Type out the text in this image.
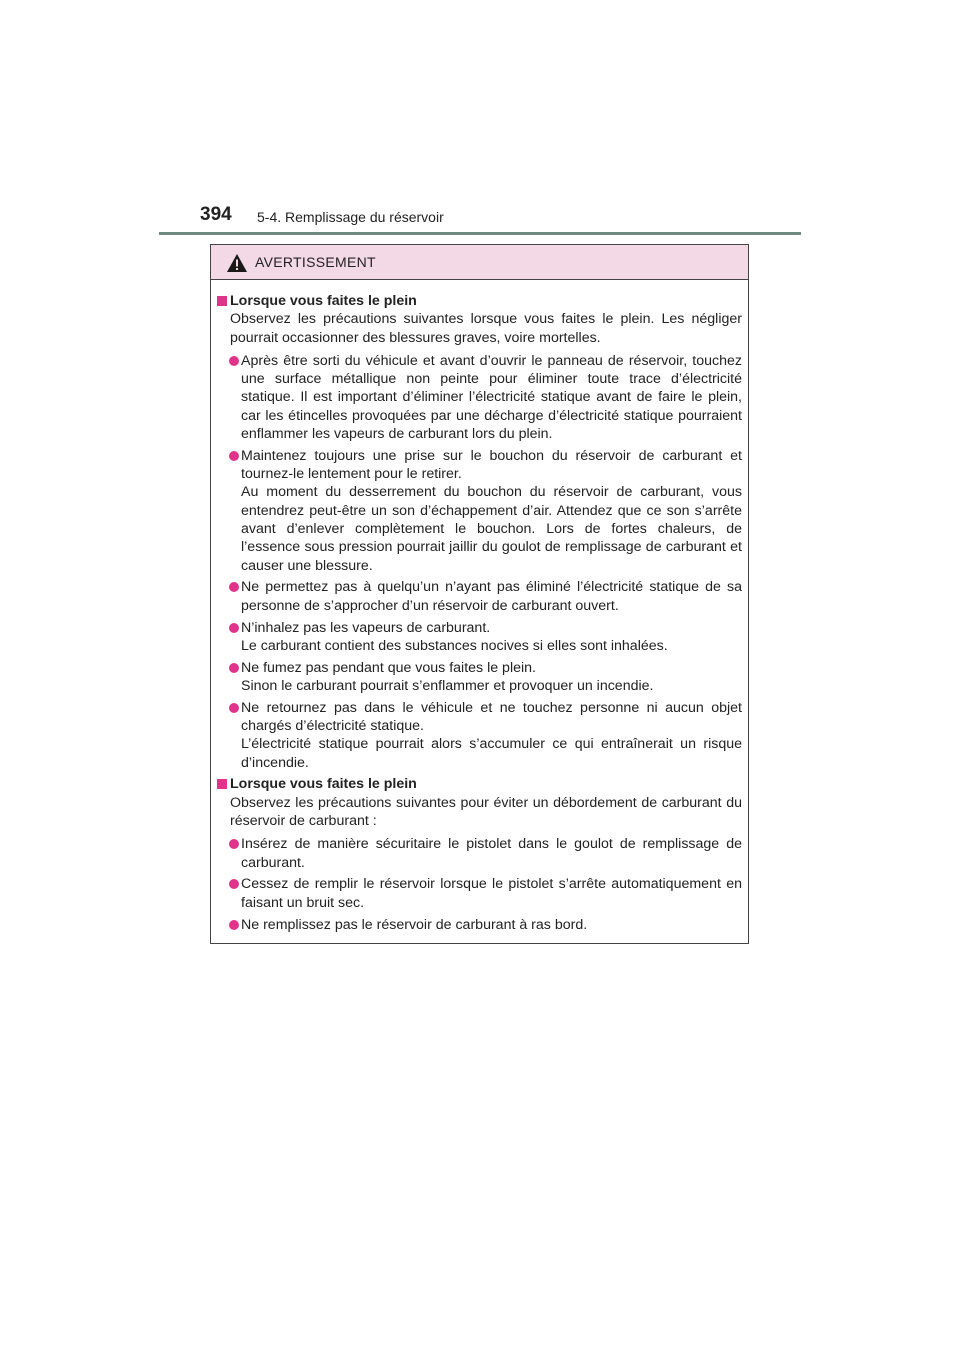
394 5-4. Remplissage du réservoir
AVERTISSEMENT
Lorsque vous faites le plein
Observez les précautions suivantes lorsque vous faites le plein. Les négliger pourrait occasionner des blessures graves, voire mortelles.

Après être sorti du véhicule et avant d’ouvrir le panneau de réservoir, touchez une surface métallique non peinte pour éliminer toute trace d’électricité statique. Il est important d’éliminer l’électricité statique avant de faire le plein, car les étincelles provoquées par une décharge d’électricité statique pourraient enflammer les vapeurs de carburant lors du plein.

Maintenez toujours une prise sur le bouchon du réservoir de carburant et tournez-le lentement pour le retirer.

Au moment du desserrement du bouchon du réservoir de carburant, vous entendrez peut-être un son d’échappement d’air. Attendez que ce son s’arrête avant d’enlever complètement le bouchon. Lors de fortes chaleurs, de l’essence sous pression pourrait jaillir du goulot de remplissage de carburant et causer une blessure.

Ne permettez pas à quelqu’un n’ayant pas éliminé l’électricité statique de sa personne de s’approcher d’un réservoir de carburant ouvert.

N’inhalez pas les vapeurs de carburant.

Le carburant contient des substances nocives si elles sont inhalées.

Ne fumez pas pendant que vous faites le plein.

Sinon le carburant pourrait s’enflammer et provoquer un incendie.

Ne retournez pas dans le véhicule et ne touchez personne ni aucun objet chargés d’électricité statique.

L’électricité statique pourrait alors s’accumuler ce qui entraînerait un risque d’incendie.

Lorsque vous faites le plein
Observez les précautions suivantes pour éviter un débordement de carburant du réservoir de carburant :

Insérez de manière sécuritaire le pistolet dans le goulot de remplissage de carburant.

Cessez de remplir le réservoir lorsque le pistolet s’arrête automatiquement en faisant un bruit sec.

Ne remplissez pas le réservoir de carburant à ras bord.
